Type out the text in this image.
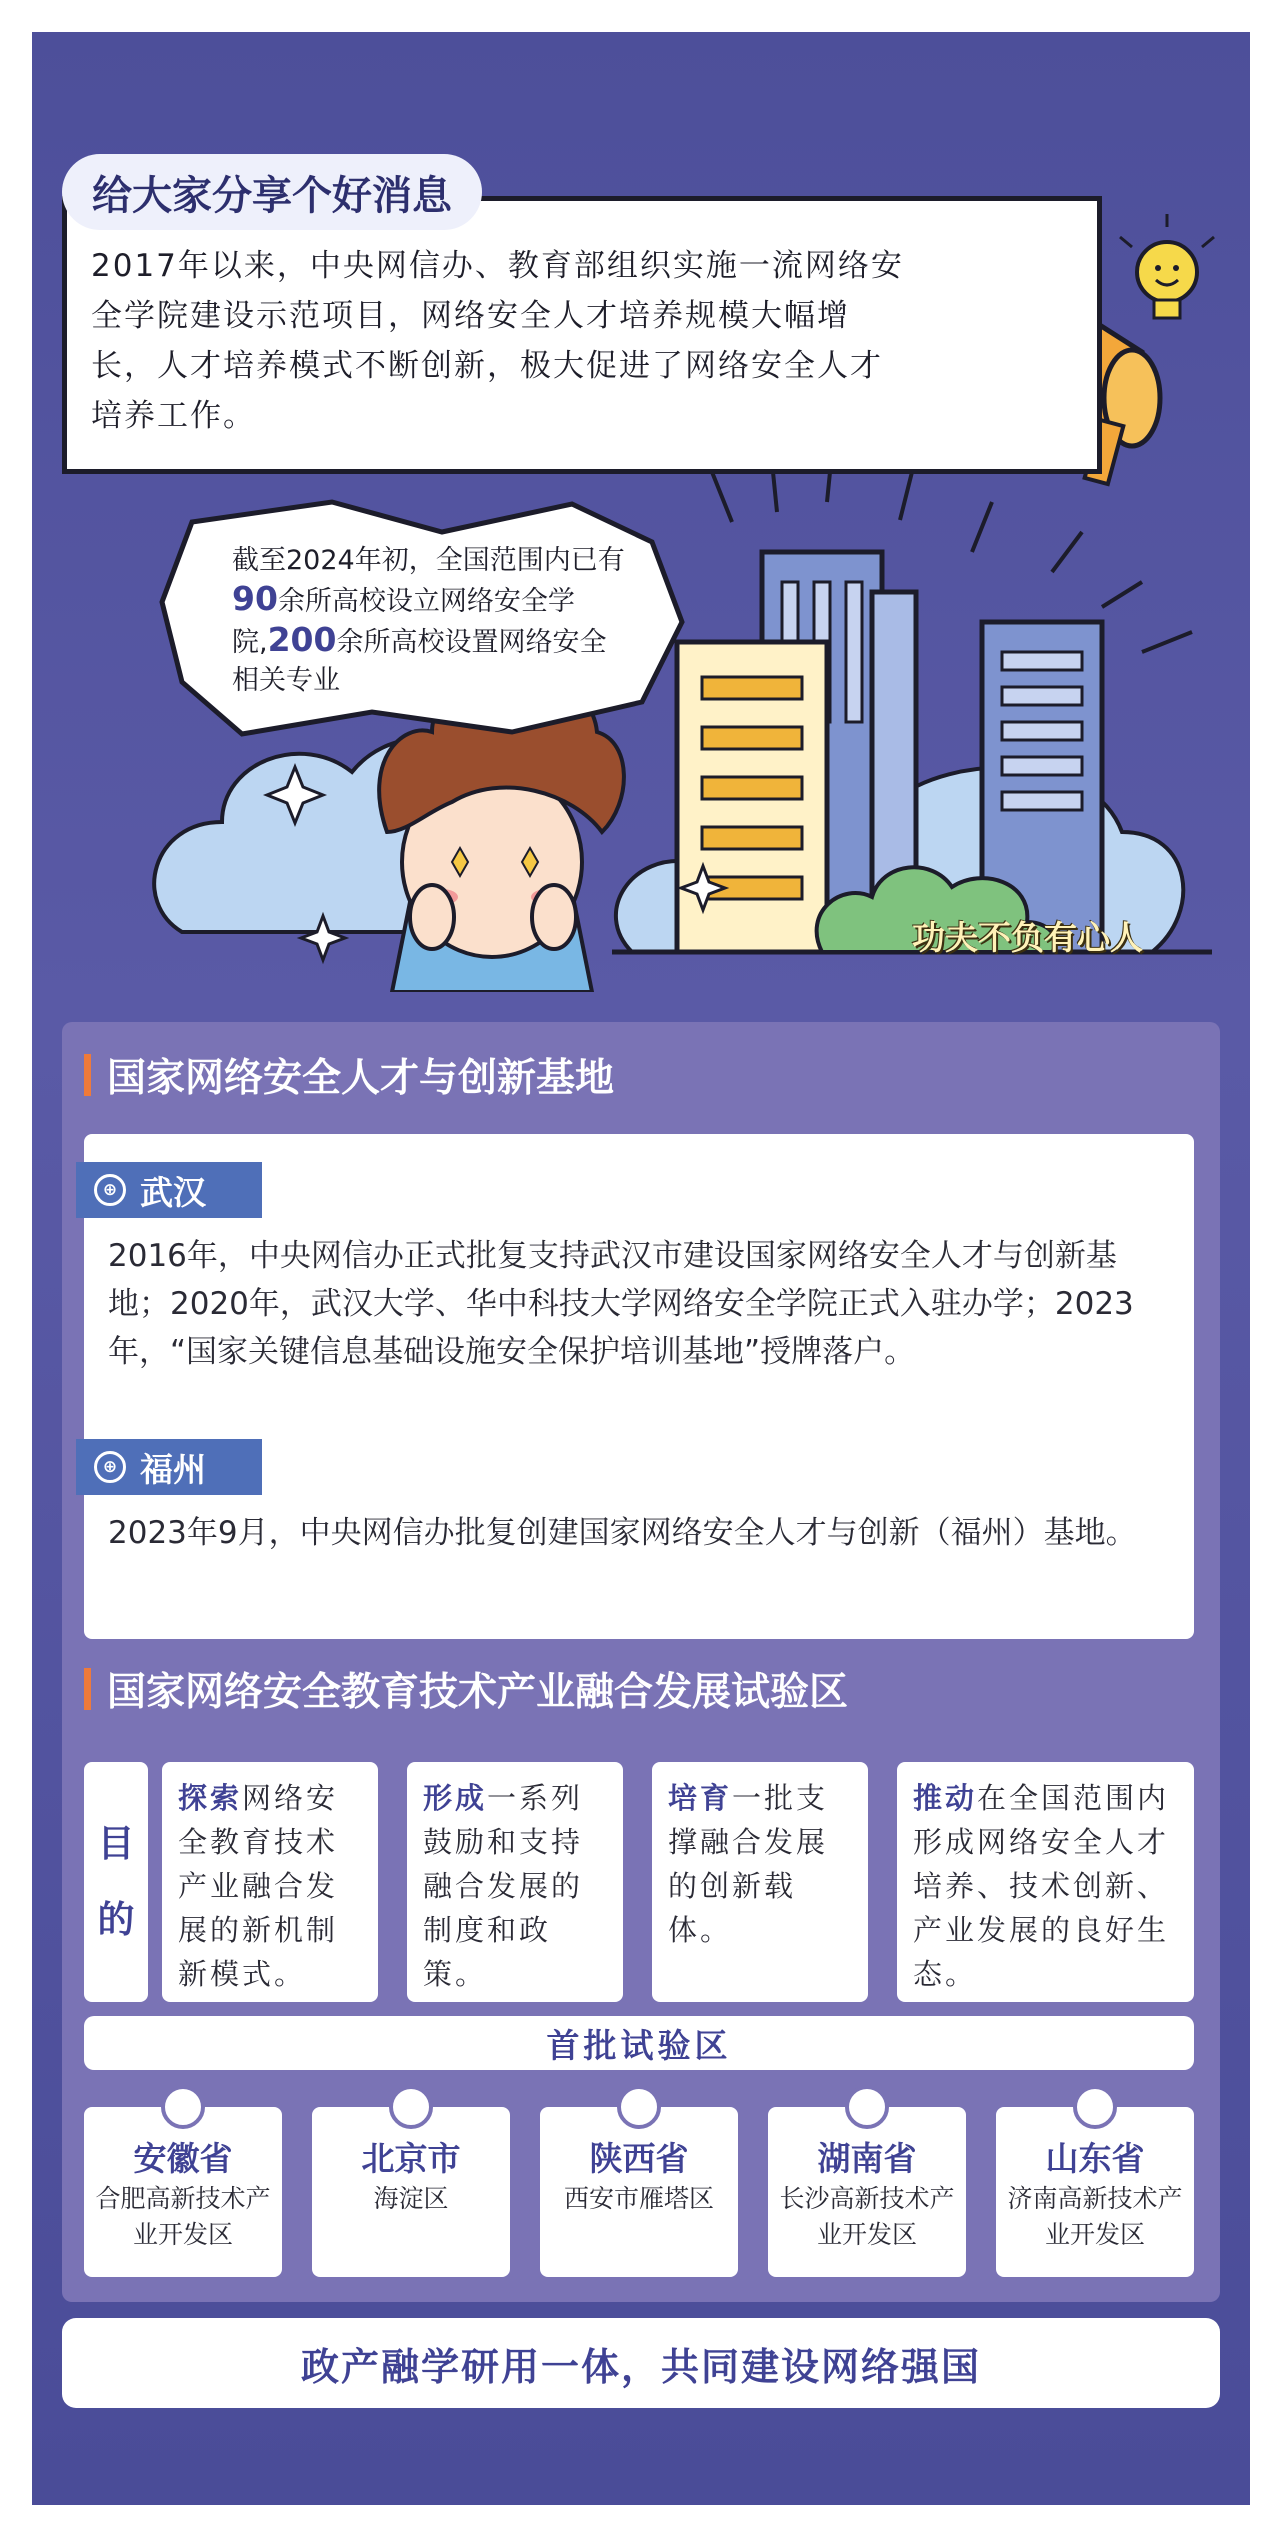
2017年以来，中央网信办、教育部组织实施一流网络安全学院建设示范项目，网络安全人才培养规模大幅增长，人才培养模式不断创新，极大促进了网络安全人才培养工作。
给大家分享个好消息
截至2024年初，全国范围内已有90余所高校设立网络安全学院,200余所高校设置网络安全相关专业
功夫不负有心人
国家网络安全人才与创新基地
⊕ 武汉
2016年，中央网信办正式批复支持武汉市建设国家网络安全人才与创新基地；2020年，武汉大学、华中科技大学网络安全学院正式入驻办学；2023年，“国家关键信息基础设施安全保护培训基地”授牌落户。
⊕ 福州
2023年9月，中央网信办批复创建国家网络安全人才与创新（福州）基地。
国家网络安全教育技术产业融合发展试验区
目
的
探索网络安全教育技术产业融合发展的新机制新模式。
形成一系列鼓励和支持融合发展的制度和政策。
培育一批支撑融合发展的创新载体。
推动在全国范围内形成网络安全人才培养、技术创新、产业发展的良好生态。
首批试验区
安徽省
合肥高新技术产业开发区
北京市
海淀区
陕西省
西安市雁塔区
湖南省
长沙高新技术产业开发区
山东省
济南高新技术产业开发区
政产融学研用一体，共同建设网络强国
